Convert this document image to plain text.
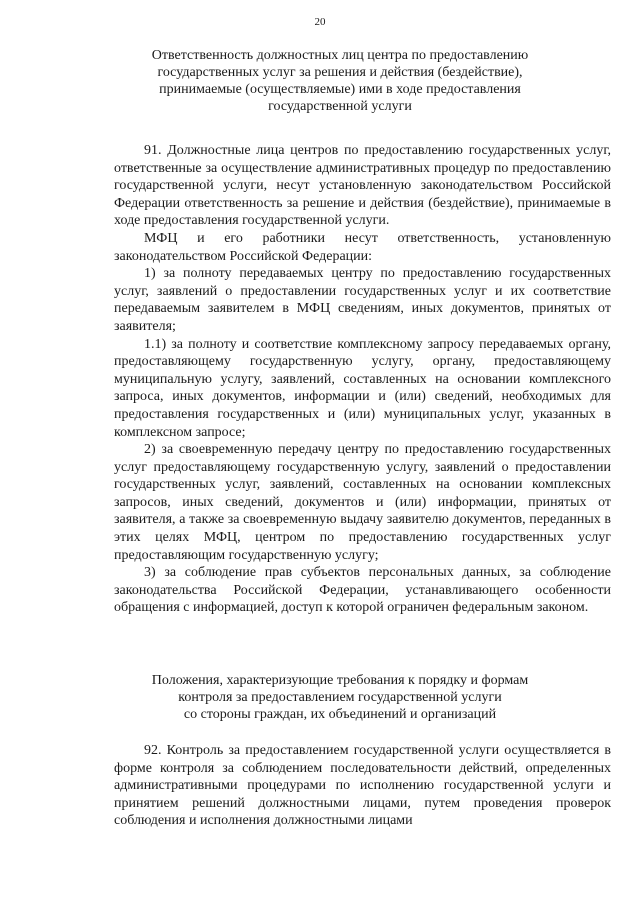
20
Ответственность должностных лиц центра по предоставлению
государственных услуг за решения и действия (бездействие),
принимаемые (осуществляемые) ими в ходе предоставления
государственной услуги

91. Должностные лица центров по предоставлению государственных услуг, ответственные за осуществление административных процедур по предоставлению государственной услуги, несут установленную законодательством Российской Федерации ответственность за решение и действия (бездействие), принимаемые в ходе предоставления государственной услуги.

МФЦ и его работники несут ответственность, установленную законодательством Российской Федерации:

1) за полноту передаваемых центру по предоставлению государственных услуг, заявлений о предоставлении государственных услуг и их соответствие передаваемым заявителем в МФЦ сведениям, иных документов, принятых от заявителя;

1.1) за полноту и соответствие комплексному запросу передаваемых органу, предоставляющему государственную услугу, органу, предоставляющему муниципальную услугу, заявлений, составленных на основании комплексного запроса, иных документов, информации и (или) сведений, необходимых для предоставления государственных и (или) муниципальных услуг, указанных в комплексном запросе;

2) за своевременную передачу центру по предоставлению государственных услуг предоставляющему государственную услугу, заявлений о предоставлении государственных услуг, заявлений, составленных на основании комплексных запросов, иных сведений, документов и (или) информации, принятых от заявителя, а также за своевременную выдачу заявителю документов, переданных в этих целях МФЦ, центром по предоставлению государственных услуг предоставляющим государственную услугу;

3) за соблюдение прав субъектов персональных данных, за соблюдение законодательства Российской Федерации, устанавливающего особенности обращения с информацией, доступ к которой ограничен федеральным законом.

Положения, характеризующие требования к порядку и формам
контроля за предоставлением государственной услуги
со стороны граждан, их объединений и организаций

92. Контроль за предоставлением государственной услуги осуществляется в форме контроля за соблюдением последовательности действий, определенных административными процедурами по исполнению государственной услуги и принятием решений должностными лицами, путем проведения проверок соблюдения и исполнения должностными лицами
